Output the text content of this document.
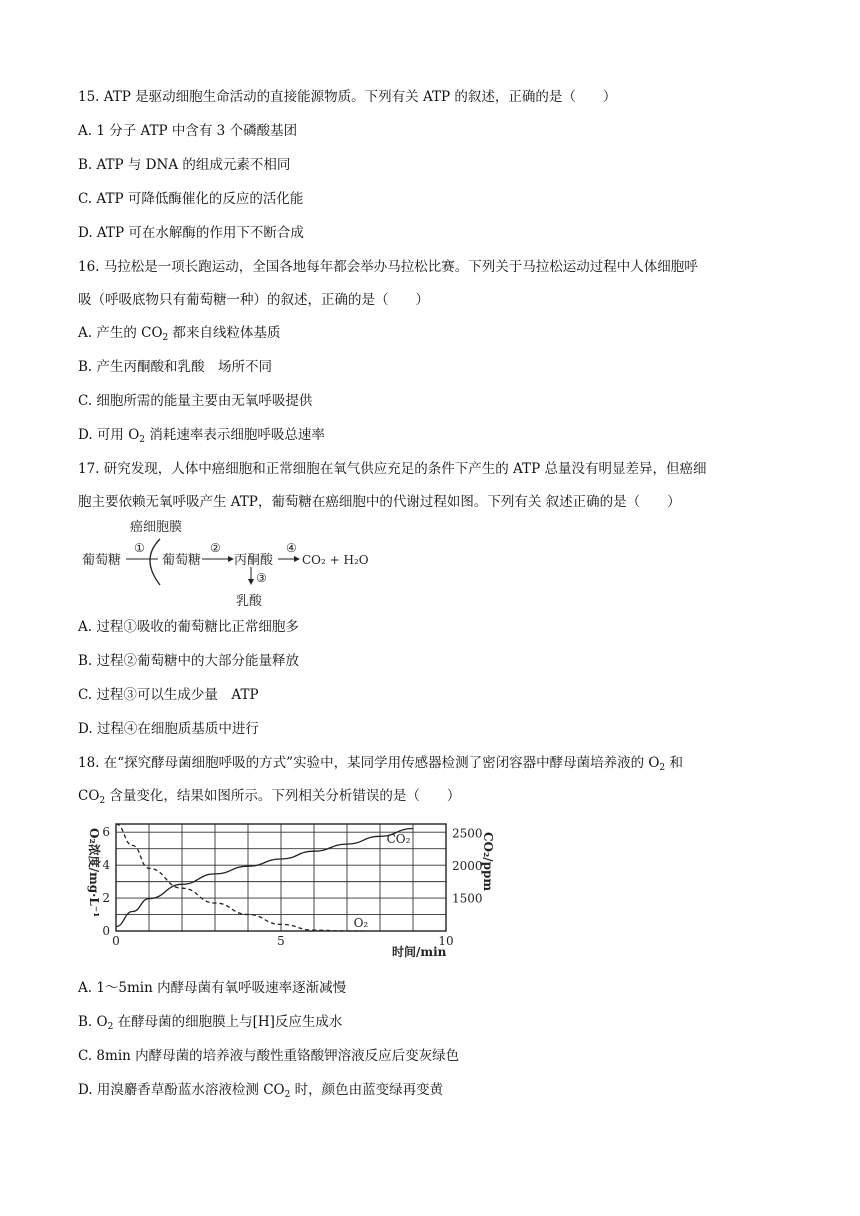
15. ATP 是驱动细胞生命活动的直接能源物质。下列有关 ATP 的叙述，正确的是（　　）
A. 1 分子 ATP 中含有 3 个磷酸基团
B. ATP 与 DNA 的组成元素不相同
C. ATP 可降低酶催化的反应的活化能
D. ATP 可在水解酶的作用下不断合成
16. 马拉松是一项长跑运动，全国各地每年都会举办马拉松比赛。下列关于马拉松运动过程中人体细胞呼
吸（呼吸底物只有葡萄糖一种）的叙述，正确的是（　　）
A. 产生的 $CO_2$ 都来自线粒体基质
B. 产生丙酮酸和乳酸　场所不同
C. 细胞所需的能量主要由无氧呼吸提供
D. 可用 $O_2$ 消耗速率表示细胞呼吸总速率
17. 研究发现，人体中癌细胞和正常细胞在氧气供应充足的条件下产生的 ATP 总量没有明显差异，但癌细
胞主要依赖无氧呼吸产生 ATP，葡萄糖在癌细胞中的代谢过程如图。下列有关 叙述正确的是（　　）
癌细胞膜
葡萄糖
①
葡萄糖
②
丙酮酸
④
CO₂ + H₂O
③
乳酸
A. 过程①吸收的葡萄糖比正常细胞多
B. 过程②葡萄糖中的大部分能量释放
C. 过程③可以生成少量　ATP
D. 过程④在细胞质基质中进行
18. 在“探究酵母菌细胞呼吸的方式”实验中，某同学用传感器检测了密闭容器中酵母菌培养液的 $O_2$ 和
$CO_2$ 含量变化，结果如图所示。下列相关分析错误的是（　　）
0
2
4
6
1500
2000
2500
0	5	10
O₂
CO₂
O₂浓度/mg·L⁻¹	CO₂/ppm
时间/min
A. 1～5min 内酵母菌有氧呼吸速率逐渐减慢
B. $O_2$ 在酵母菌的细胞膜上与[H]反应生成水
C. 8min 内酵母菌的培养液与酸性重铬酸钾溶液反应后变灰绿色
D. 用溴麝香草酚蓝水溶液检测 $CO_2$ 时，颜色由蓝变绿再变黄
